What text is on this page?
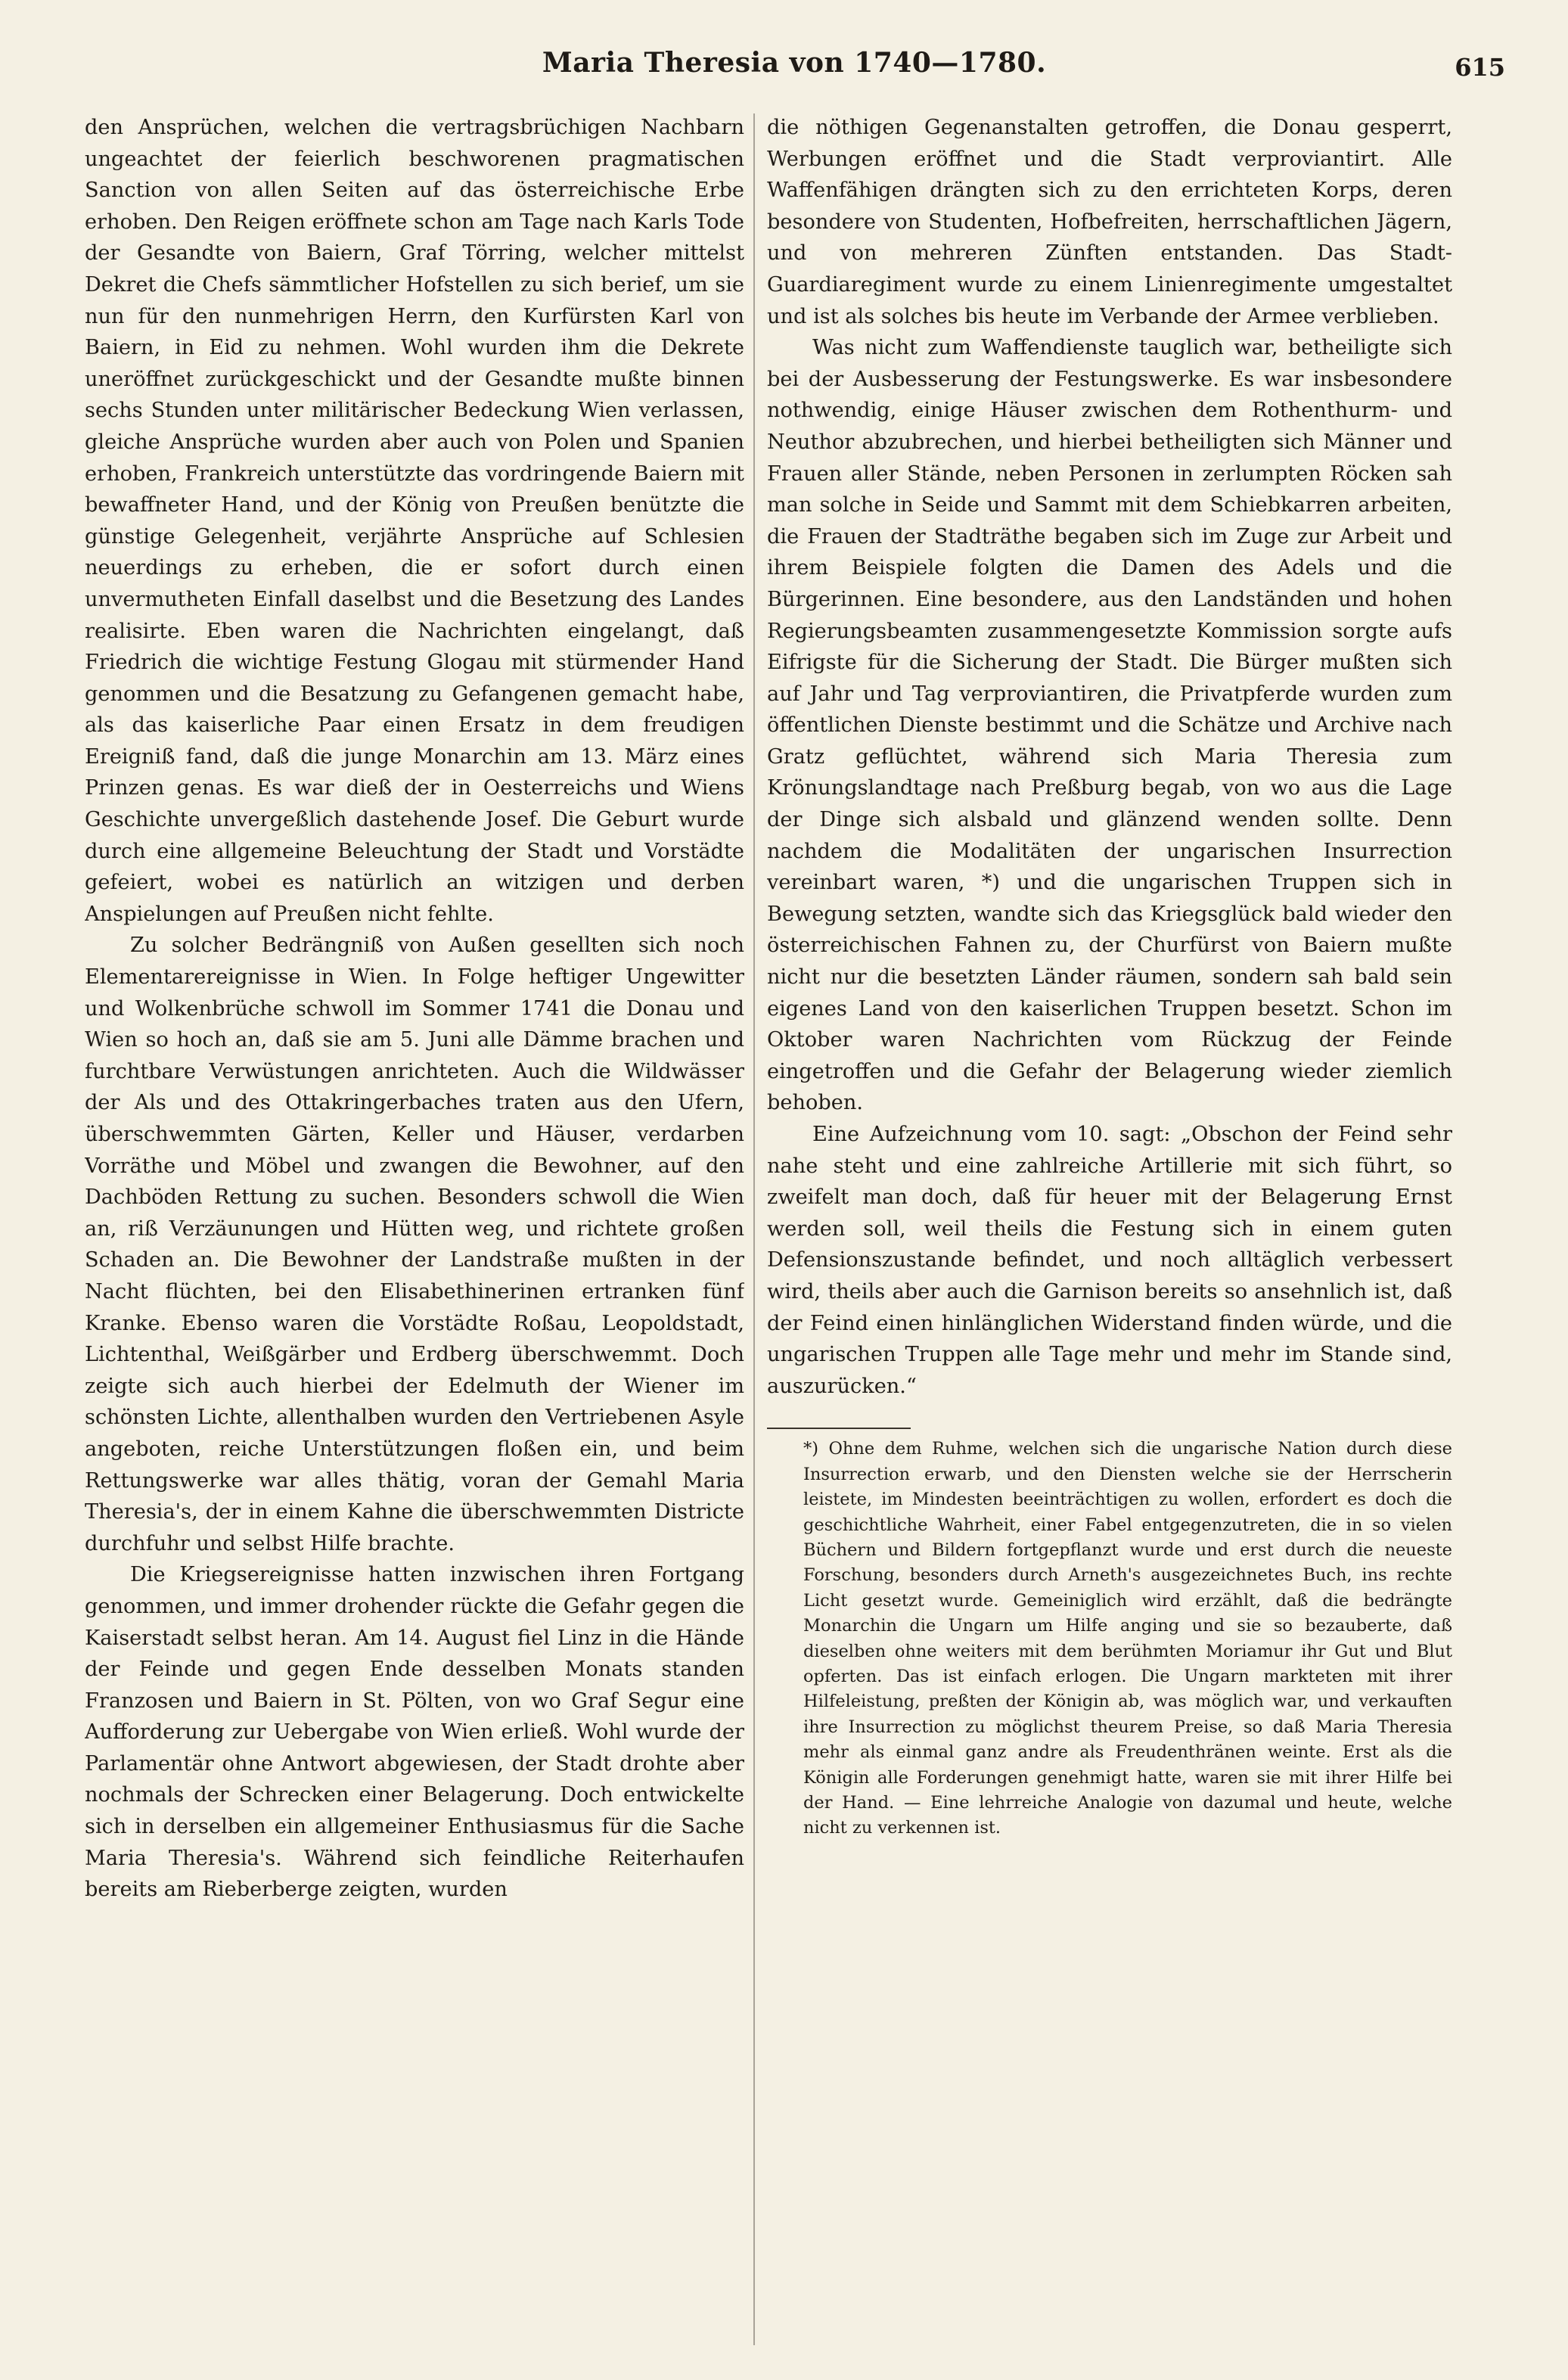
Maria Theresia von 1740—1780.	615

den Ansprüchen, welchen die vertragsbrüchigen Nachbarn ungeachtet der feierlich beschworenen pragmatischen Sanction von allen Seiten auf das österreichische Erbe erhoben. Den Reigen eröffnete schon am Tage nach Karls Tode der Gesandte von Baiern, Graf Törring, welcher mittelst Dekret die Chefs sämmtlicher Hofstellen zu sich berief, um sie nun für den nunmehrigen Herrn, den Kurfürsten Karl von Baiern, in Eid zu nehmen. Wohl wurden ihm die Dekrete uneröffnet zurückgeschickt und der Gesandte mußte binnen sechs Stunden unter militärischer Bedeckung Wien verlassen, gleiche Ansprüche wurden aber auch von Polen und Spanien erhoben, Frankreich unterstützte das vordringende Baiern mit bewaffneter Hand, und der König von Preußen benützte die günstige Gelegenheit, verjährte Ansprüche auf Schlesien neuerdings zu erheben, die er sofort durch einen unvermutheten Einfall daselbst und die Besetzung des Landes realisirte. Eben waren die Nachrichten eingelangt, daß Friedrich die wichtige Festung Glogau mit stürmender Hand genommen und die Besatzung zu Gefangenen gemacht habe, als das kaiserliche Paar einen Ersatz in dem freudigen Ereigniß fand, daß die junge Monarchin am 13. März eines Prinzen genas. Es war dieß der in Oesterreichs und Wiens Geschichte unvergeßlich dastehende Josef. Die Geburt wurde durch eine allgemeine Beleuchtung der Stadt und Vorstädte gefeiert, wobei es natürlich an witzigen und derben Anspielungen auf Preußen nicht fehlte.

Zu solcher Bedrängniß von Außen gesellten sich noch Elementarereignisse in Wien. In Folge heftiger Ungewitter und Wolkenbrüche schwoll im Sommer 1741 die Donau und Wien so hoch an, daß sie am 5. Juni alle Dämme brachen und furchtbare Verwüstungen anrichteten. Auch die Wildwässer der Als und des Ottakringerbaches traten aus den Ufern, überschwemmten Gärten, Keller und Häuser, verdarben Vorräthe und Möbel und zwangen die Bewohner, auf den Dachböden Rettung zu suchen. Besonders schwoll die Wien an, riß Verzäunungen und Hütten weg, und richtete großen Schaden an. Die Bewohner der Landstraße mußten in der Nacht flüchten, bei den Elisabethinerinen ertranken fünf Kranke. Ebenso waren die Vorstädte Roßau, Leopoldstadt, Lichtenthal, Weißgärber und Erdberg überschwemmt. Doch zeigte sich auch hierbei der Edelmuth der Wiener im schönsten Lichte, allenthalben wurden den Vertriebenen Asyle angeboten, reiche Unterstützungen floßen ein, und beim Rettungswerke war alles thätig, voran der Gemahl Maria Theresia's, der in einem Kahne die überschwemmten Districte durchfuhr und selbst Hilfe brachte.

Die Kriegsereignisse hatten inzwischen ihren Fortgang genommen, und immer drohender rückte die Gefahr gegen die Kaiserstadt selbst heran. Am 14. August fiel Linz in die Hände der Feinde und gegen Ende desselben Monats standen Franzosen und Baiern in St. Pölten, von wo Graf Segur eine Aufforderung zur Uebergabe von Wien erließ. Wohl wurde der Parlamentär ohne Antwort abgewiesen, der Stadt drohte aber nochmals der Schrecken einer Belagerung. Doch entwickelte sich in derselben ein allgemeiner Enthusiasmus für die Sache Maria Theresia's. Während sich feindliche Reiterhaufen bereits am Rieberberge zeigten, wurden

die nöthigen Gegenanstalten getroffen, die Donau gesperrt, Werbungen eröffnet und die Stadt verproviantirt. Alle Waffenfähigen drängten sich zu den errichteten Korps, deren besondere von Studenten, Hofbefreiten, herrschaftlichen Jägern, und von mehreren Zünften entstanden. Das Stadt-Guardiaregiment wurde zu einem Linienregimente umgestaltet und ist als solches bis heute im Verbande der Armee verblieben.

Was nicht zum Waffendienste tauglich war, betheiligte sich bei der Ausbesserung der Festungswerke. Es war insbesondere nothwendig, einige Häuser zwischen dem Rothenthurm- und Neuthor abzubrechen, und hierbei betheiligten sich Männer und Frauen aller Stände, neben Personen in zerlumpten Röcken sah man solche in Seide und Sammt mit dem Schiebkarren arbeiten, die Frauen der Stadträthe begaben sich im Zuge zur Arbeit und ihrem Beispiele folgten die Damen des Adels und die Bürgerinnen. Eine besondere, aus den Landständen und hohen Regierungsbeamten zusammengesetzte Kommission sorgte aufs Eifrigste für die Sicherung der Stadt. Die Bürger mußten sich auf Jahr und Tag verproviantiren, die Privatpferde wurden zum öffentlichen Dienste bestimmt und die Schätze und Archive nach Gratz geflüchtet, während sich Maria Theresia zum Krönungslandtage nach Preßburg begab, von wo aus die Lage der Dinge sich alsbald und glänzend wenden sollte. Denn nachdem die Modalitäten der ungarischen Insurrection vereinbart waren, *) und die ungarischen Truppen sich in Bewegung setzten, wandte sich das Kriegsglück bald wieder den österreichischen Fahnen zu, der Churfürst von Baiern mußte nicht nur die besetzten Länder räumen, sondern sah bald sein eigenes Land von den kaiserlichen Truppen besetzt. Schon im Oktober waren Nachrichten vom Rückzug der Feinde eingetroffen und die Gefahr der Belagerung wieder ziemlich behoben.

Eine Aufzeichnung vom 10. sagt: „Obschon der Feind sehr nahe steht und eine zahlreiche Artillerie mit sich führt, so zweifelt man doch, daß für heuer mit der Belagerung Ernst werden soll, weil theils die Festung sich in einem guten Defensionszustande befindet, und noch alltäglich verbessert wird, theils aber auch die Garnison bereits so ansehnlich ist, daß der Feind einen hinlänglichen Widerstand finden würde, und die ungarischen Truppen alle Tage mehr und mehr im Stande sind, auszurücken.“

*) Ohne dem Ruhme, welchen sich die ungarische Nation durch diese Insurrection erwarb, und den Diensten welche sie der Herrscherin leistete, im Mindesten beeinträchtigen zu wollen, erfordert es doch die geschichtliche Wahrheit, einer Fabel entgegenzutreten, die in so vielen Büchern und Bildern fortgepflanzt wurde und erst durch die neueste Forschung, besonders durch Arneth's ausgezeichnetes Buch, ins rechte Licht gesetzt wurde. Gemeiniglich wird erzählt, daß die bedrängte Monarchin die Ungarn um Hilfe anging und sie so bezauberte, daß dieselben ohne weiters mit dem berühmten Moriamur ihr Gut und Blut opferten. Das ist einfach erlogen. Die Ungarn markteten mit ihrer Hilfeleistung, preßten der Königin ab, was möglich war, und verkauften ihre Insurrection zu möglichst theurem Preise, so daß Maria Theresia mehr als einmal ganz andre als Freudenthränen weinte. Erst als die Königin alle Forderungen genehmigt hatte, waren sie mit ihrer Hilfe bei der Hand. — Eine lehrreiche Analogie von dazumal und heute, welche nicht zu verkennen ist.
